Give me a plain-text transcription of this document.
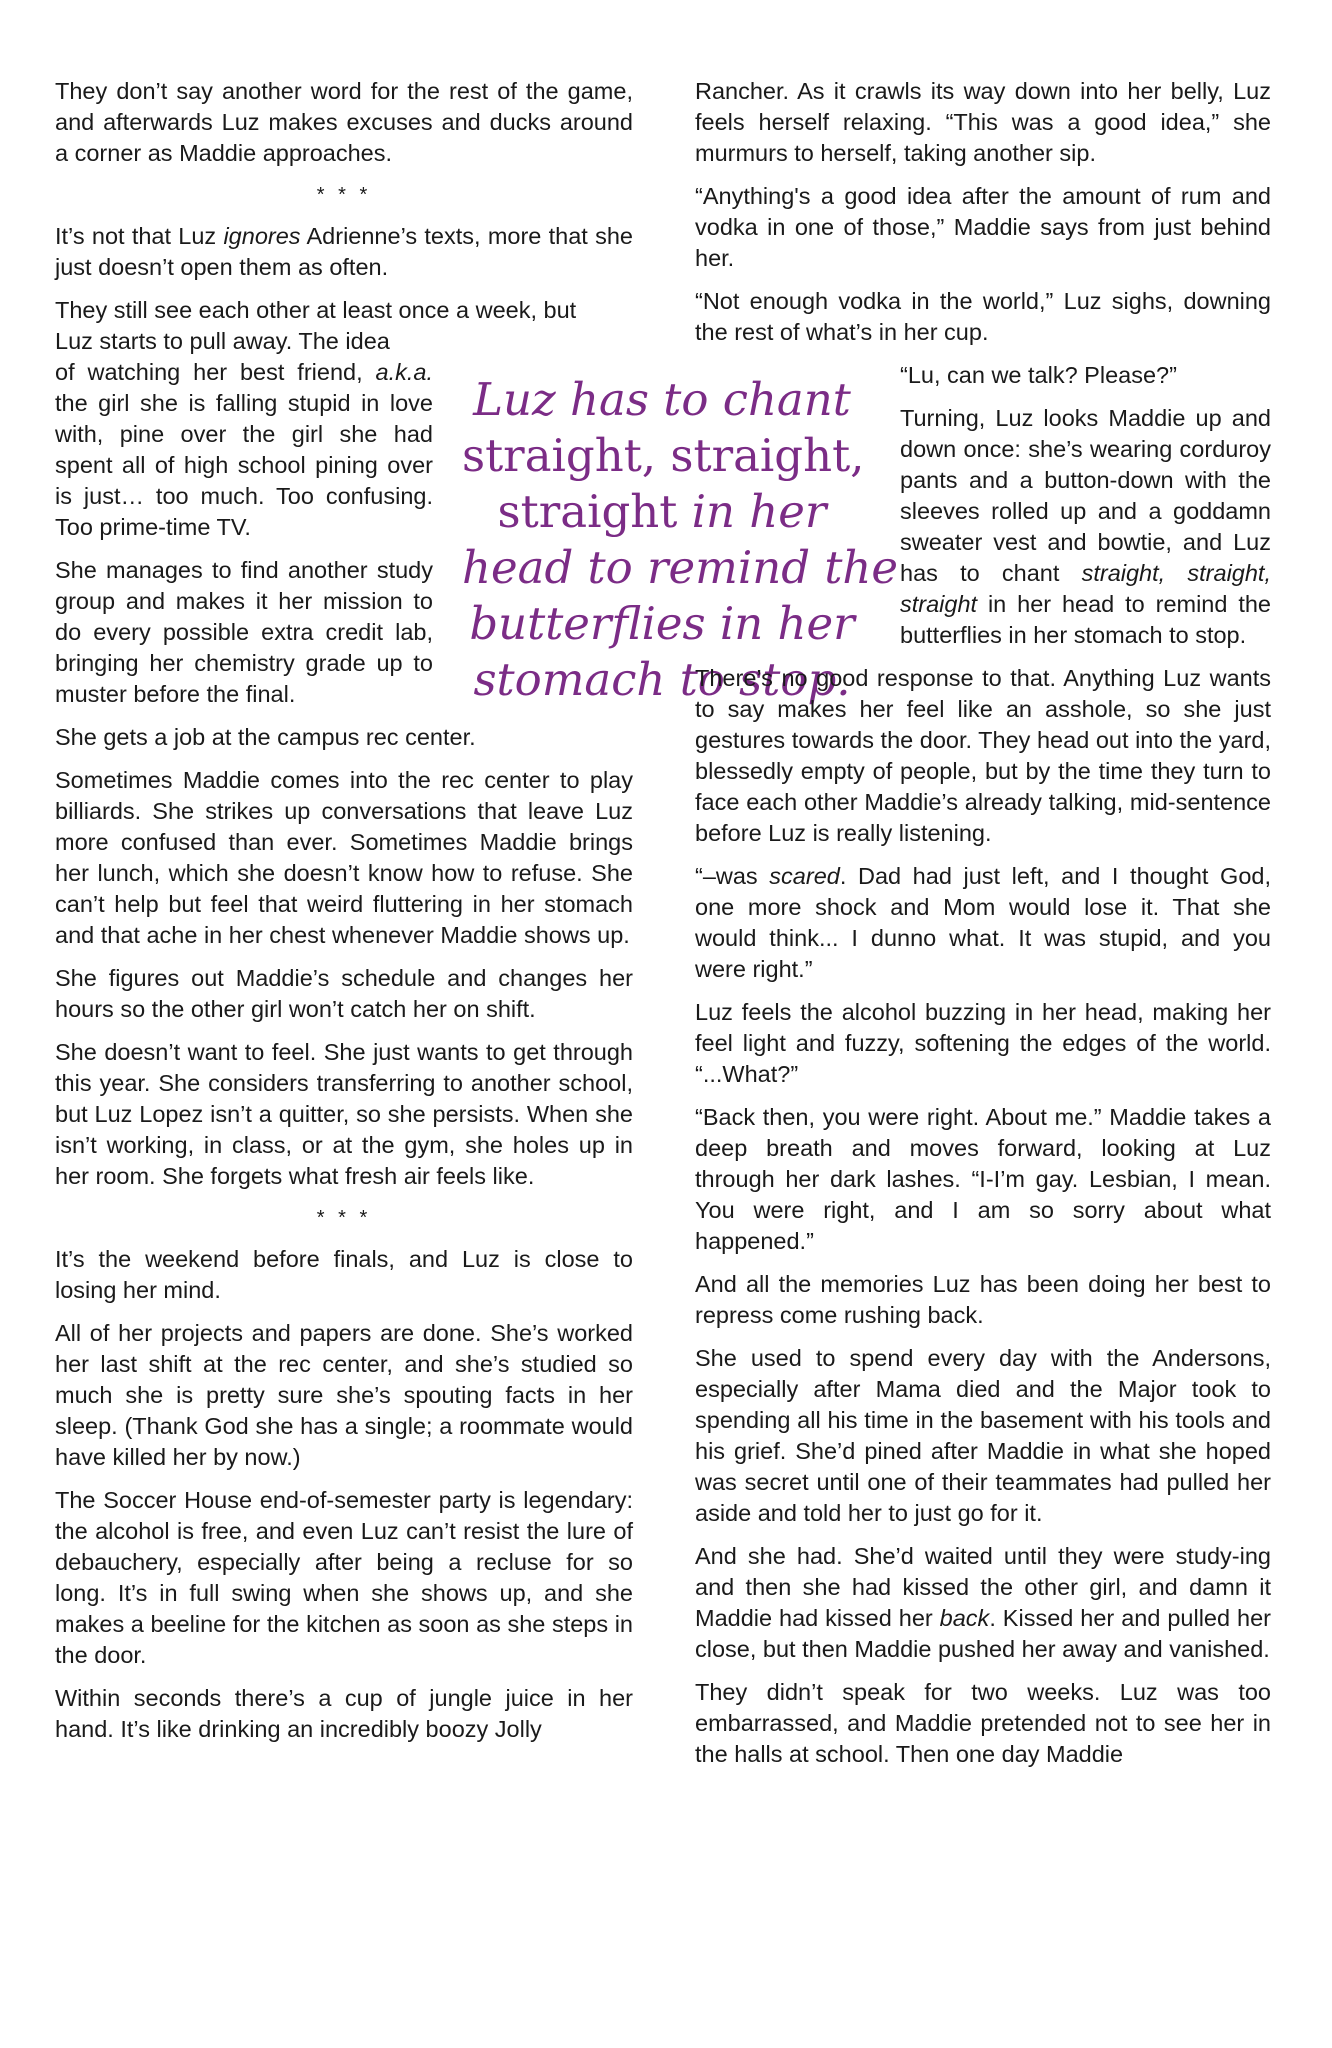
They don’t say another word for the rest of the game, and afterwards Luz makes excuses and ducks around a corner as Maddie approaches.

* * *

It’s not that Luz ignores Adrienne’s texts, more that she just doesn’t open them as often.

They still see each other at least once a week, but
Luz starts to pull away. The idea

of watching her best friend, a.k.a. the girl she is falling stupid in love with, pine over the girl she had spent all of high school pining over is just… too much. Too confusing. Too prime-time TV.

She manages to find another study group and makes it her mission to do every possible extra credit lab, bringing her chemistry grade up to muster before the final.

She gets a job at the campus rec center.

Sometimes Maddie comes into the rec center to play billiards. She strikes up conversations that leave Luz more confused than ever. Sometimes Maddie brings her lunch, which she doesn’t know how to refuse. She can’t help but feel that weird fluttering in her stomach and that ache in her chest whenever Maddie shows up.

She figures out Maddie’s schedule and changes her hours so the other girl won’t catch her on shift.

She doesn’t want to feel. She just wants to get through this year. She considers transferring to another school, but Luz Lopez isn’t a quitter, so she persists. When she isn’t working, in class, or at the gym, she holes up in her room. She forgets what fresh air feels like.

* * *

It’s the weekend before finals, and Luz is close to losing her mind.

All of her projects and papers are done. She’s worked her last shift at the rec center, and she’s studied so much she is pretty sure she’s spouting facts in her sleep. (Thank God she has a single; a roommate would have killed her by now.)

The Soccer House end-of-semester party is legendary: the alcohol is free, and even Luz can’t resist the lure of debauchery, especially after being a recluse for so long. It’s in full swing when she shows up, and she makes a beeline for the kitchen as soon as she steps in the door.

Within seconds there’s a cup of jungle juice in her hand. It’s like drinking an incredibly boozy Jolly

Luz has to chant
straight, straight,
straight in her
head to remind the
butterflies in her
stomach to stop.

Rancher. As it crawls its way down into her belly, Luz feels herself relaxing. “This was a good idea,” she murmurs to herself, taking another sip.

“Anything's a good idea after the amount of rum and vodka in one of those,” Maddie says from just behind her.

“Not enough vodka in the world,” Luz sighs, downing the rest of what’s in her cup.

“Lu, can we talk? Please?”

Turning, Luz looks Maddie up and down once: she’s wearing corduroy pants and a button-down with the sleeves rolled up and a goddamn sweater vest and bowtie, and Luz has to chant straight, straight, straight in her head to remind the butterflies in her stomach to stop.

There’s no good response to that. Anything Luz wants to say makes her feel like an asshole, so she just gestures towards the door. They head out into the yard, blessedly empty of people, but by the time they turn to face each other Maddie’s already talking, mid-sentence before Luz is really listening.

“–was scared. Dad had just left, and I thought God, one more shock and Mom would lose it. That she would think... I dunno what. It was stupid, and you were right.”

Luz feels the alcohol buzzing in her head, making her feel light and fuzzy, softening the edges of the world. “...What?”

“Back then, you were right. About me.” Maddie takes a deep breath and moves forward, looking at Luz through her dark lashes. “I-I’m gay. Lesbian, I mean. You were right, and I am so sorry about what happened.”

And all the memories Luz has been doing her best to repress come rushing back.

She used to spend every day with the Andersons, especially after Mama died and the Major took to spending all his time in the basement with his tools and his grief. She’d pined after Maddie in what she hoped was secret until one of their teammates had pulled her aside and told her to just go for it.

And she had. She’d waited until they were study-ing and then she had kissed the other girl, and damn it Maddie had kissed her back. Kissed her and pulled her close, but then Maddie pushed her away and vanished.

They didn’t speak for two weeks. Luz was too embarrassed, and Maddie pretended not to see her in the halls at school. Then one day Maddie
